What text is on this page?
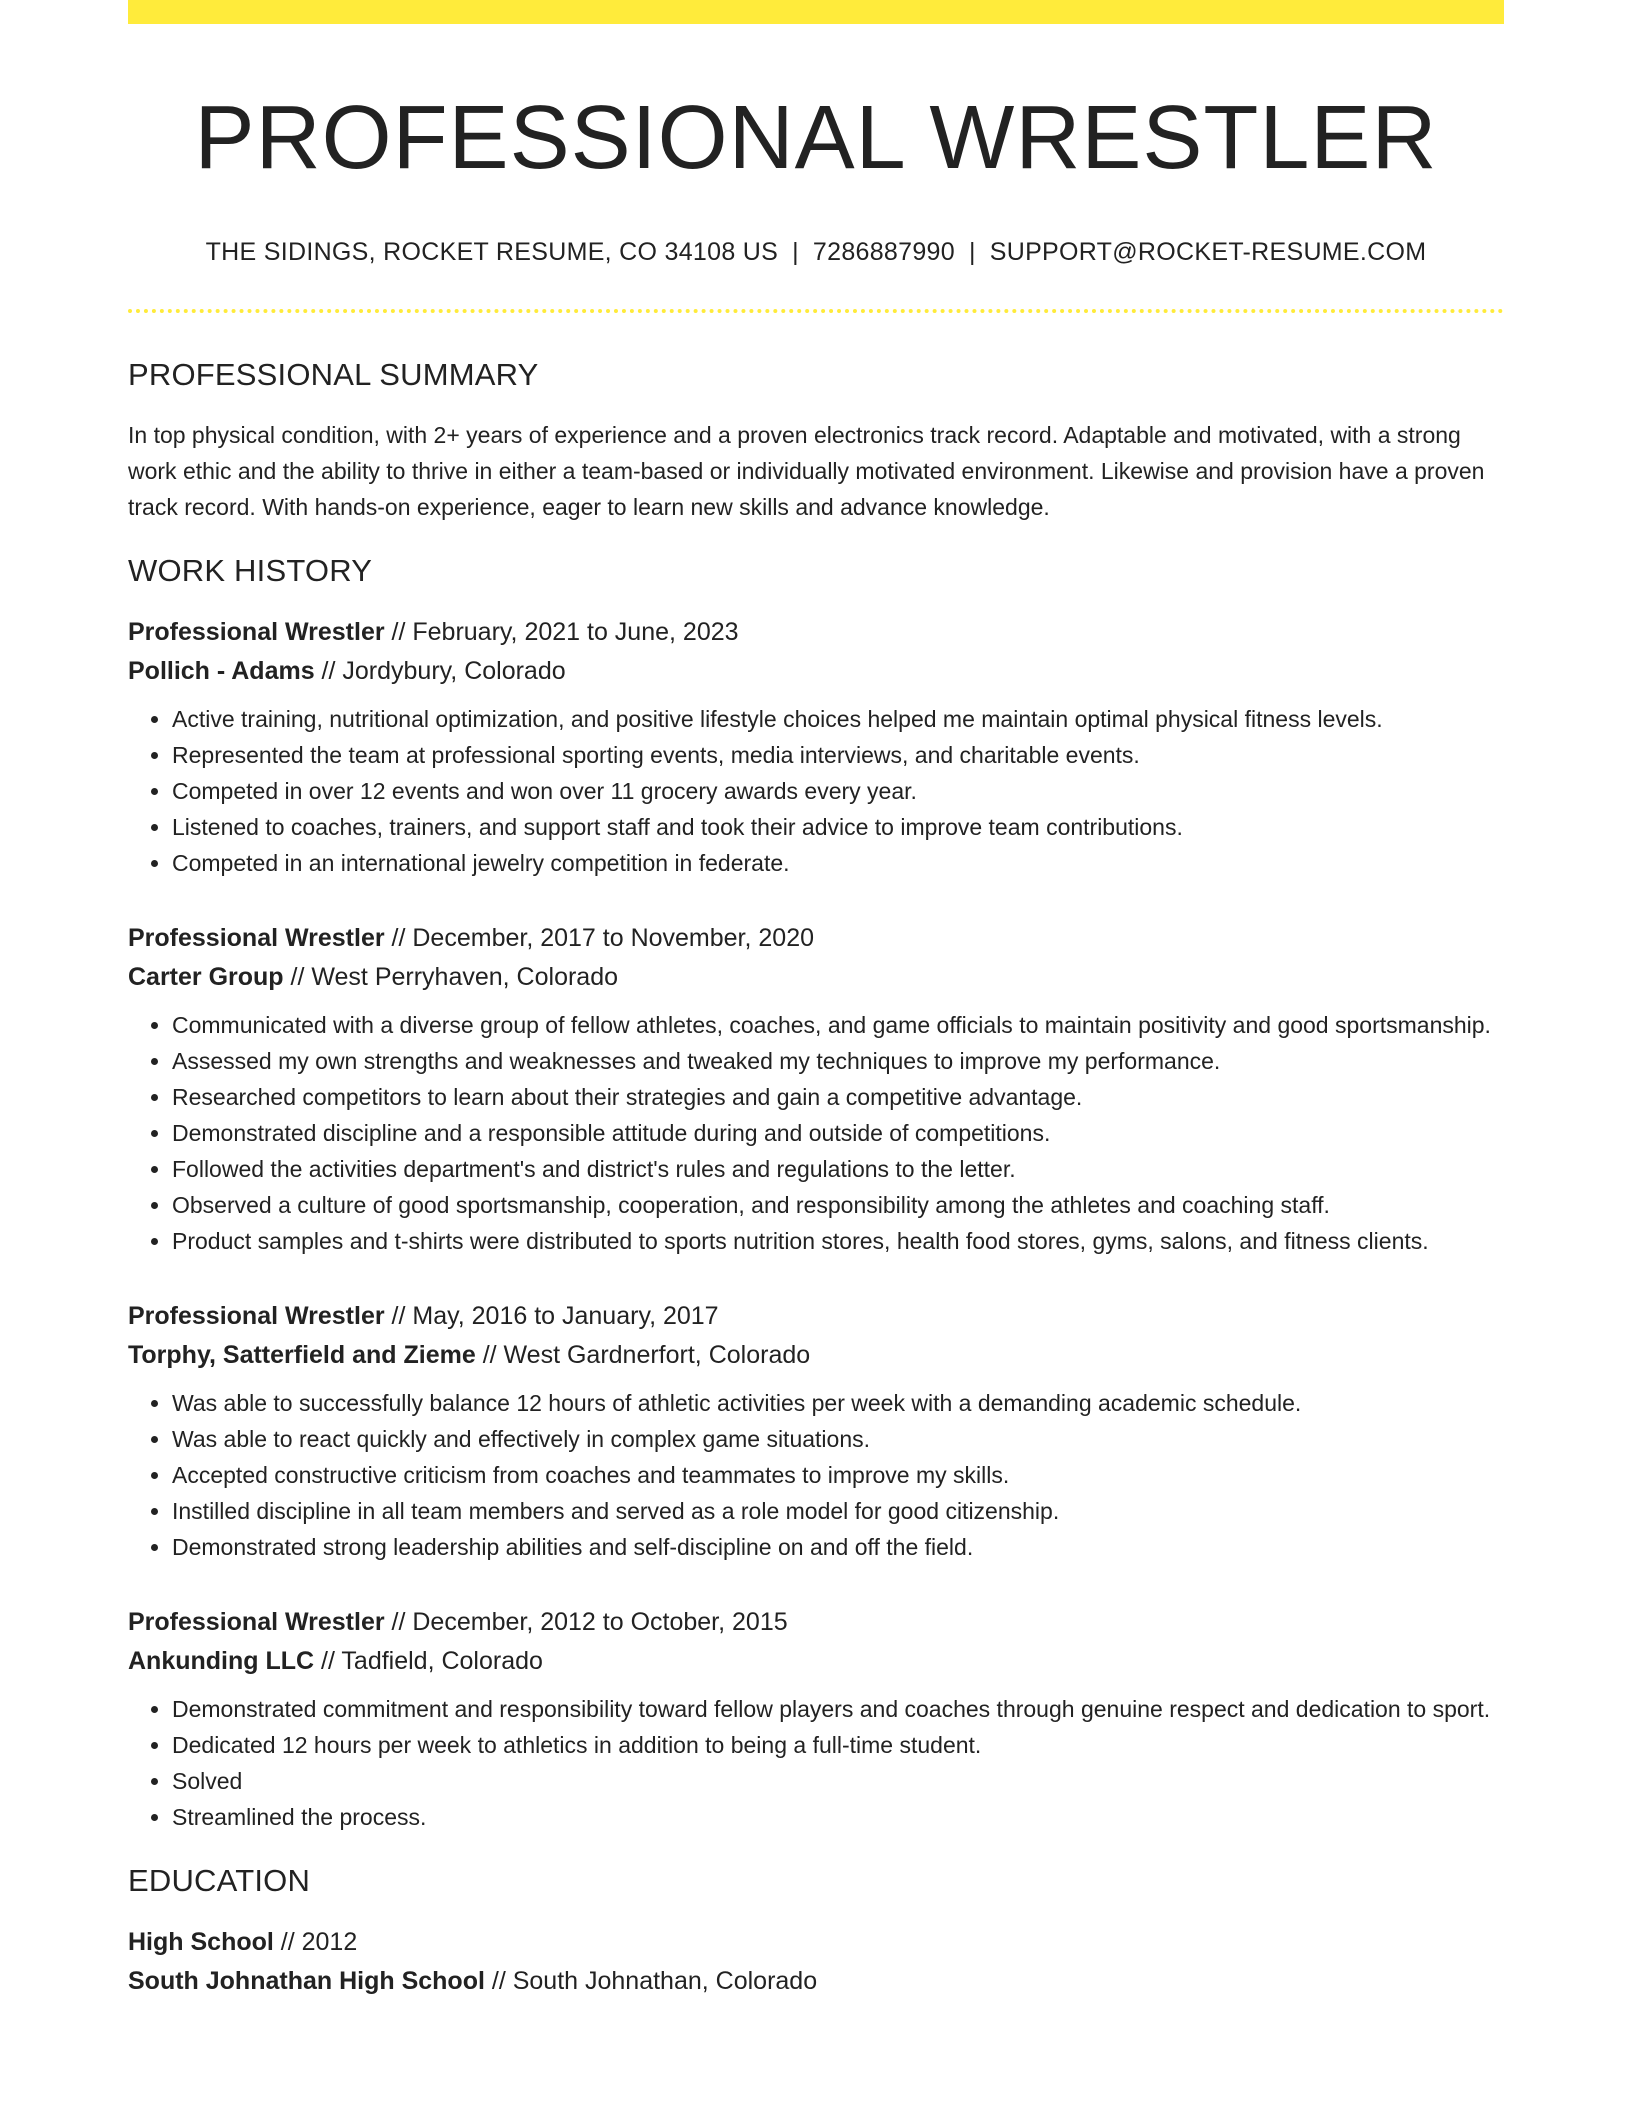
PROFESSIONAL WRESTLER
THE SIDINGS, ROCKET RESUME, CO 34108 US | 7286887990 | SUPPORT@ROCKET-RESUME.COM
PROFESSIONAL SUMMARY

In top physical condition, with 2+ years of experience and a proven electronics track record. Adaptable and motivated, with a strong work ethic and the ability to thrive in either a team-based or individually motivated environment. Likewise and provision have a proven track record. With hands-on experience, eager to learn new skills and advance knowledge.

WORK HISTORY
Professional Wrestler // February, 2021 to June, 2023
Pollich - Adams // Jordybury, Colorado
• Active training, nutritional optimization, and positive lifestyle choices helped me maintain optimal physical fitness levels.
• Represented the team at professional sporting events, media interviews, and charitable events.
• Competed in over 12 events and won over 11 grocery awards every year.
• Listened to coaches, trainers, and support staff and took their advice to improve team contributions.
• Competed in an international jewelry competition in federate.
Professional Wrestler // December, 2017 to November, 2020
Carter Group // West Perryhaven, Colorado
• Communicated with a diverse group of fellow athletes, coaches, and game officials to maintain positivity and good sportsmanship.
• Assessed my own strengths and weaknesses and tweaked my techniques to improve my performance.
• Researched competitors to learn about their strategies and gain a competitive advantage.
• Demonstrated discipline and a responsible attitude during and outside of competitions.
• Followed the activities department's and district's rules and regulations to the letter.
• Observed a culture of good sportsmanship, cooperation, and responsibility among the athletes and coaching staff.
• Product samples and t-shirts were distributed to sports nutrition stores, health food stores, gyms, salons, and fitness clients.
Professional Wrestler // May, 2016 to January, 2017
Torphy, Satterfield and Zieme // West Gardnerfort, Colorado
• Was able to successfully balance 12 hours of athletic activities per week with a demanding academic schedule.
• Was able to react quickly and effectively in complex game situations.
• Accepted constructive criticism from coaches and teammates to improve my skills.
• Instilled discipline in all team members and served as a role model for good citizenship.
• Demonstrated strong leadership abilities and self-discipline on and off the field.
Professional Wrestler // December, 2012 to October, 2015
Ankunding LLC // Tadfield, Colorado
• Demonstrated commitment and responsibility toward fellow players and coaches through genuine respect and dedication to sport.
• Dedicated 12 hours per week to athletics in addition to being a full-time student.
• Solved
• Streamlined the process.
EDUCATION
High School // 2012
South Johnathan High School // South Johnathan, Colorado
